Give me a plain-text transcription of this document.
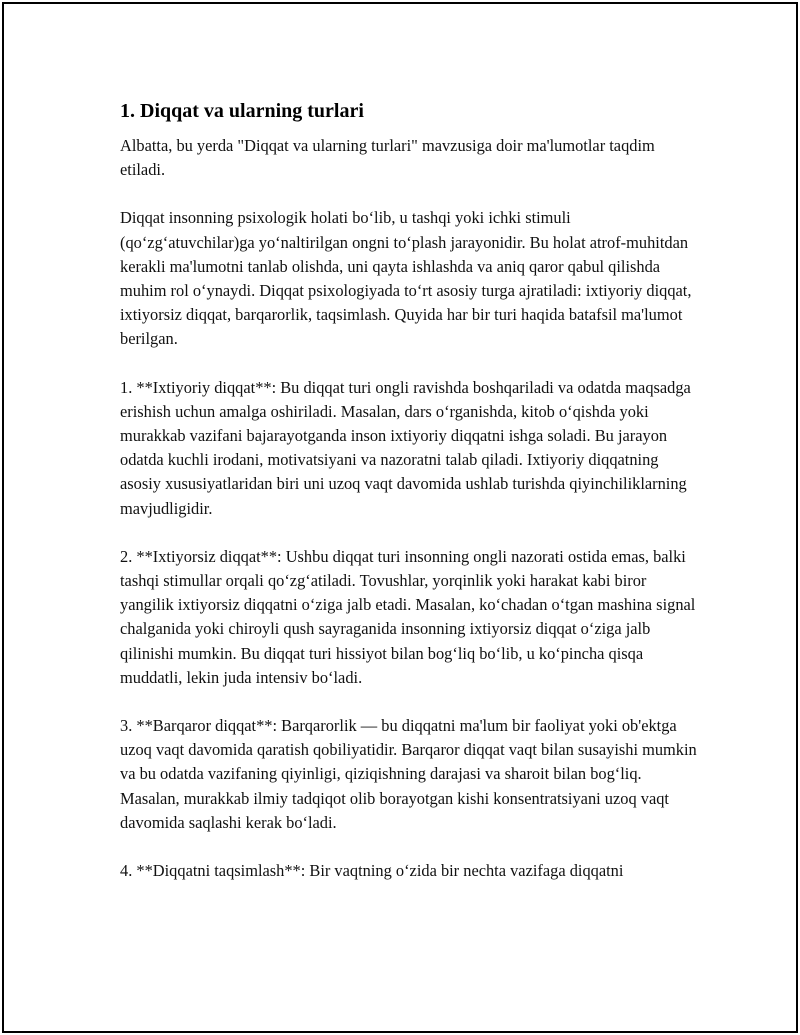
1. Diqqat va ularning turlari

Albatta, bu yerda "Diqqat va ularning turlari" mavzusiga doir ma'lumotlar taqdim etiladi.

Diqqat insonning psixologik holati boʻlib, u tashqi yoki ichki stimuli (qoʻzgʻatuvchilar)ga yoʻnaltirilgan ongni toʻplash jarayonidir. Bu holat atrof-muhitdan kerakli ma'lumotni tanlab olishda, uni qayta ishlashda va aniq qaror qabul qilishda muhim rol oʻynaydi. Diqqat psixologiyada toʻrt asosiy turga ajratiladi: ixtiyoriy diqqat, ixtiyorsiz diqqat, barqarorlik, taqsimlash. Quyida har bir turi haqida batafsil ma'lumot berilgan.

1. **Ixtiyoriy diqqat**: Bu diqqat turi ongli ravishda boshqariladi va odatda maqsadga erishish uchun amalga oshiriladi. Masalan, dars oʻrganishda, kitob oʻqishda yoki murakkab vazifani bajarayotganda inson ixtiyoriy diqqatni ishga soladi. Bu jarayon odatda kuchli irodani, motivatsiyani va nazoratni talab qiladi. Ixtiyoriy diqqatning asosiy xususiyatlaridan biri uni uzoq vaqt davomida ushlab turishda qiyinchiliklarning mavjudligidir.

2. **Ixtiyorsiz diqqat**: Ushbu diqqat turi insonning ongli nazorati ostida emas, balki tashqi stimullar orqali qoʻzgʻatiladi. Tovushlar, yorqinlik yoki harakat kabi biror yangilik ixtiyorsiz diqqatni oʻziga jalb etadi. Masalan, koʻchadan oʻtgan mashina signal chalganida yoki chiroyli qush sayraganida insonning ixtiyorsiz diqqat oʻziga jalb qilinishi mumkin. Bu diqqat turi hissiyot bilan bogʻliq boʻlib, u koʻpincha qisqa muddatli, lekin juda intensiv boʻladi.

3. **Barqaror diqqat**: Barqarorlik — bu diqqatni ma'lum bir faoliyat yoki ob'ektga uzoq vaqt davomida qaratish qobiliyatidir. Barqaror diqqat vaqt bilan susayishi mumkin va bu odatda vazifaning qiyinligi, qiziqishning darajasi va sharoit bilan bogʻliq. Masalan, murakkab ilmiy tadqiqot olib borayotgan kishi konsentratsiyani uzoq vaqt davomida saqlashi kerak boʻladi.

4. **Diqqatni taqsimlash**: Bir vaqtning oʻzida bir nechta vazifaga diqqatni
